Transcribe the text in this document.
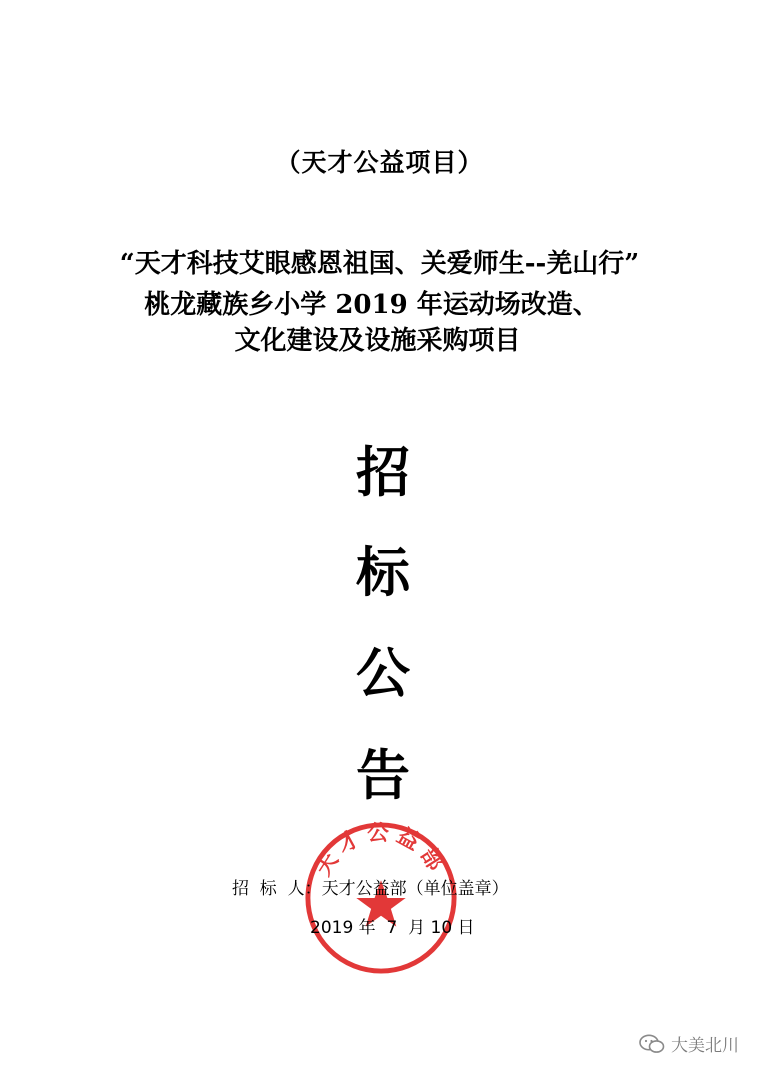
（天才公益项目）
“天才科技艾眼感恩祖国、关爱师生--羌山行”
桃龙藏族乡小学 2019 年运动场改造、
文化建设及设施采购项目
招
标
公
告
天才公益部
招  标  人：天才公益部（单位盖章）
2019 年  7  月 10 日
大美北川
